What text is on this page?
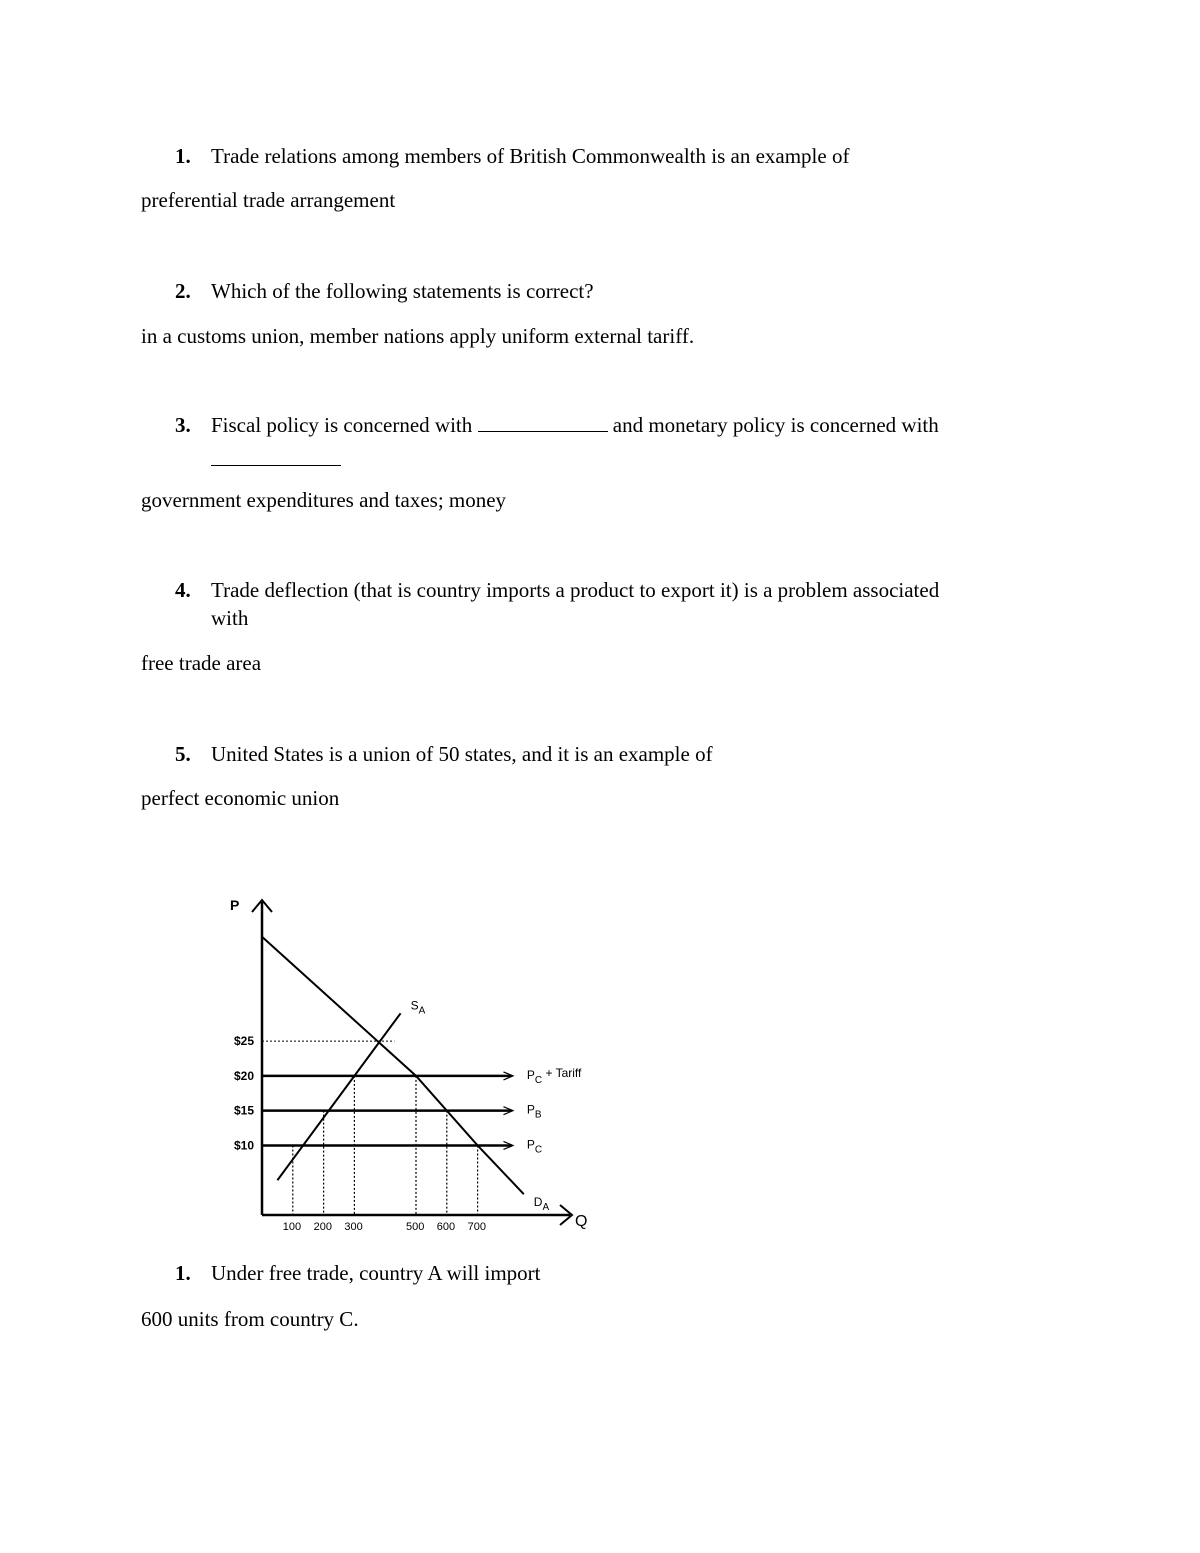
1. Trade relations among members of British Commonwealth is an example of
preferential trade arrangement
2. Which of the following statements is correct?
in a customs union, member nations apply uniform external tariff.
3. Fiscal policy is concerned with	and monetary policy is concerned with
government expenditures and taxes; money
4. Trade deflection (that is country imports a product to export it) is a problem associated
with
free trade area
5. United States is a union of 50 states, and it is an example of
perfect economic union
P
Q
$25
$20
$15
$10
$P_C$ + Tariff
$P_B$
$P_C$
$S_A$
$D_A$
100 200 300	500 600 700
1. Under free trade, country A will import
600 units from country C.
